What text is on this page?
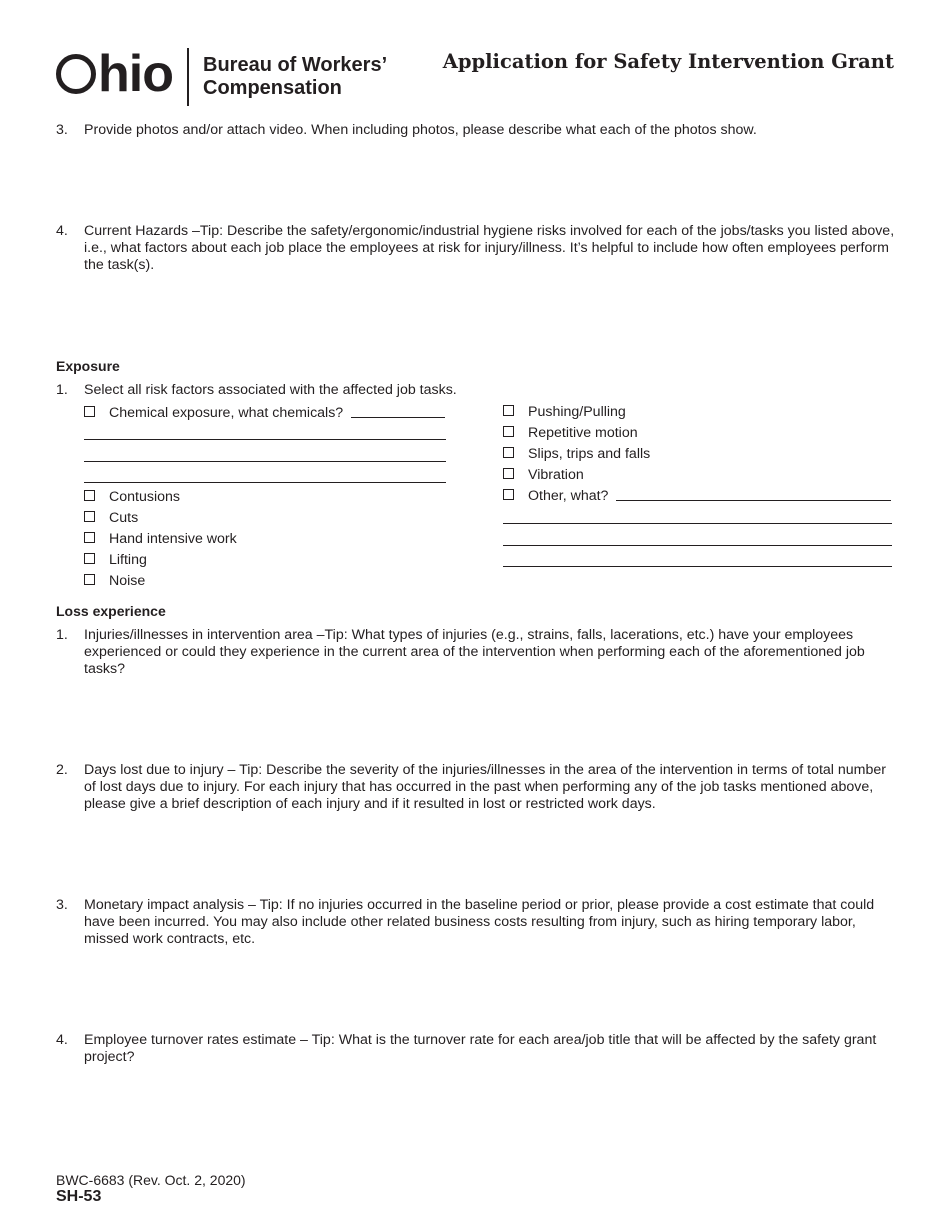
hio Bureau of Workers’
Compensation
Application for Safety Intervention Grant
3. Provide photos and/or attach video. When including photos, please describe what each of the photos show.
4. Current Hazards –Tip: Describe the safety/ergonomic/industrial hygiene risks involved for each of the jobs/tasks you listed above, i.e., what factors about each job place the employees at risk for injury/illness. It’s helpful to include how often employees perform the task(s).
Exposure
1. Select all risk factors associated with the affected job tasks.
Chemical exposure, what chemicals?
Contusions
Cuts
Hand intensive work
Lifting
Noise
Pushing/Pulling
Repetitive motion
Slips, trips and falls
Vibration
Other, what?
Loss experience
1. Injuries/illnesses in intervention area –Tip: What types of injuries (e.g., strains, falls, lacerations, etc.) have your employees experienced or could they experience in the current area of the intervention when performing each of the aforementioned job tasks?
2. Days lost due to injury – Tip: Describe the severity of the injuries/illnesses in the area of the intervention in terms of total number of lost days due to injury. For each injury that has occurred in the past when performing any of the job tasks mentioned above, please give a brief description of each injury and if it resulted in lost or restricted work days.
3. Monetary impact analysis – Tip: If no injuries occurred in the baseline period or prior, please provide a cost estimate that could have been incurred. You may also include other related business costs resulting from injury, such as hiring temporary labor, missed work contracts, etc.
4. Employee turnover rates estimate – Tip: What is the turnover rate for each area/job title that will be affected by the safety grant project?
BWC-6683 (Rev. Oct. 2, 2020)
SH-53
